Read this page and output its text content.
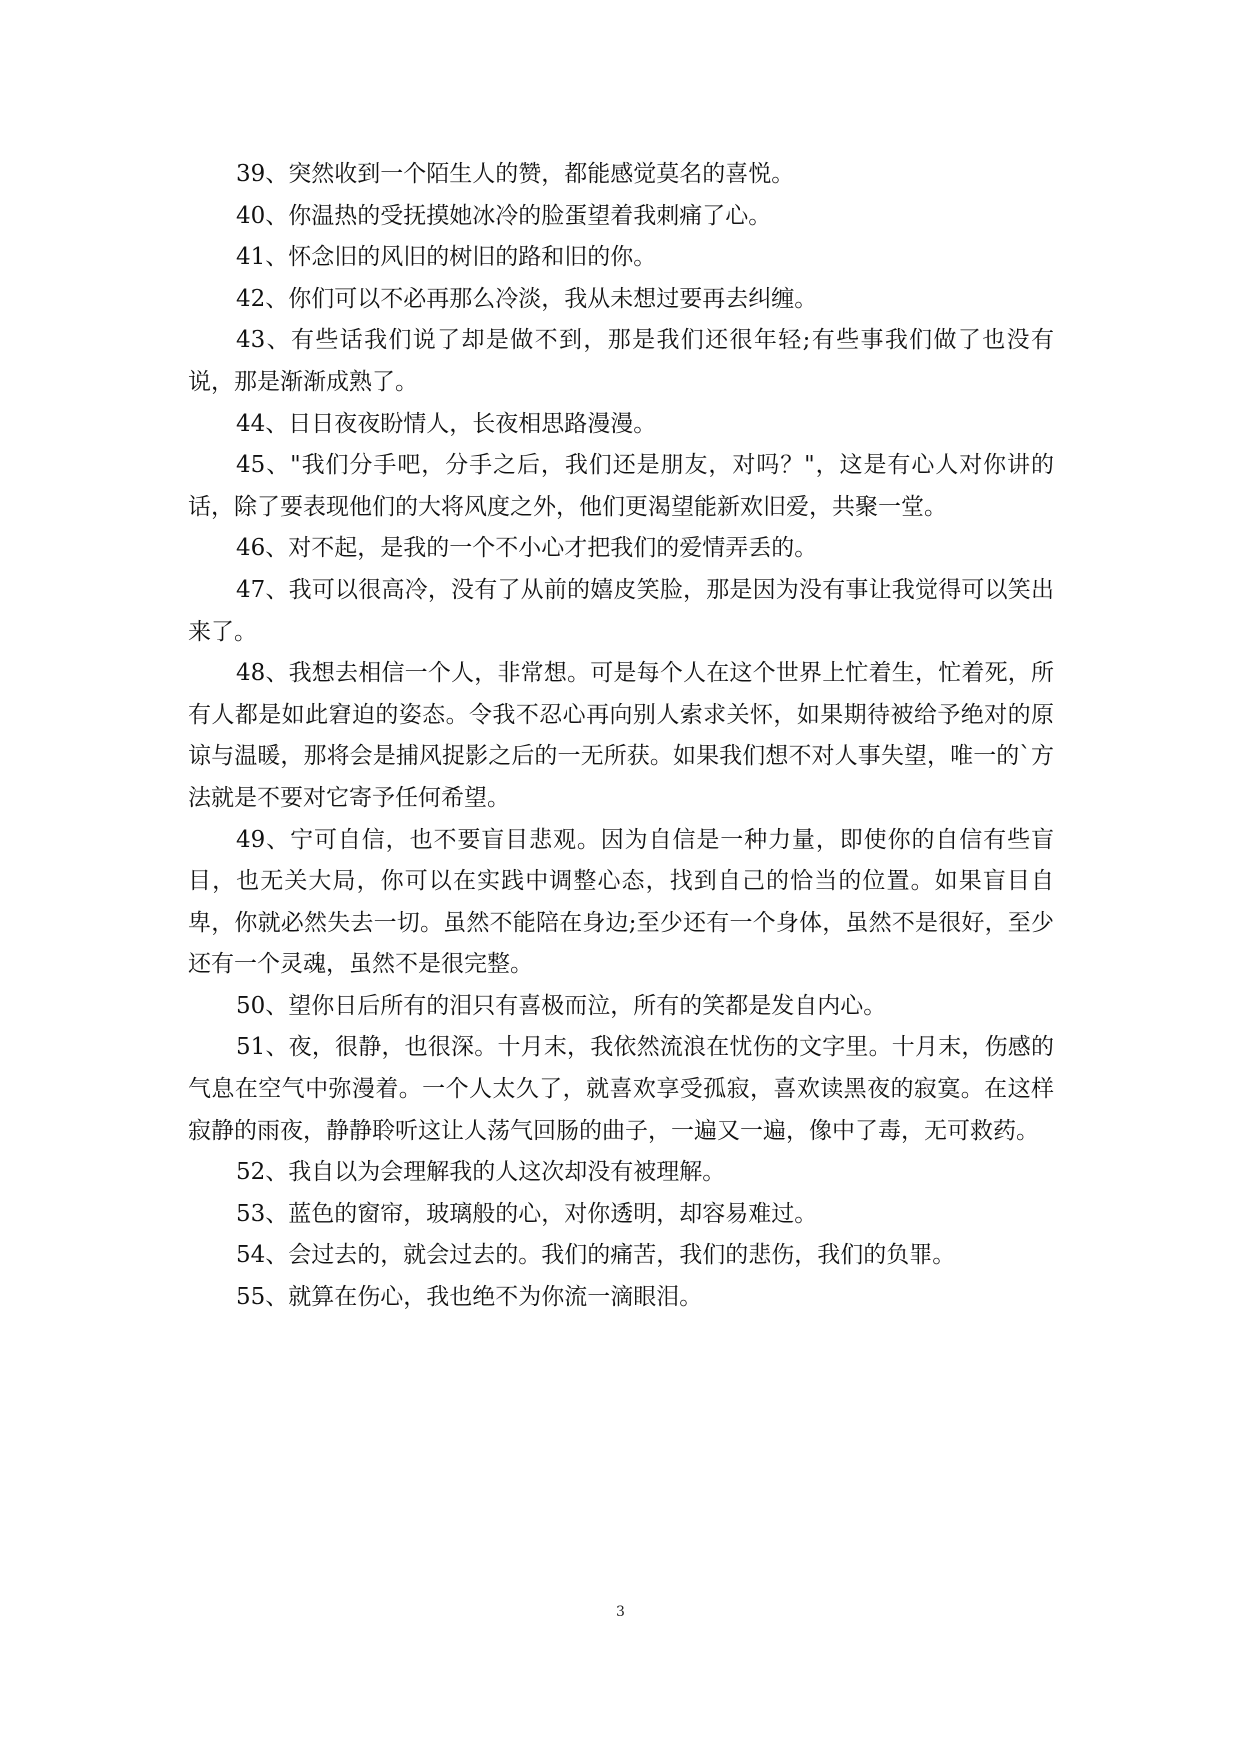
39、突然收到一个陌生人的赞，都能感觉莫名的喜悦。

40、你温热的受抚摸她冰冷的脸蛋望着我刺痛了心。

41、怀念旧的风旧的树旧的路和旧的你。

42、你们可以不必再那么冷淡，我从未想过要再去纠缠。

43、有些话我们说了却是做不到，那是我们还很年轻;有些事我们做了也没有说，那是渐渐成熟了。

44、日日夜夜盼情人，长夜相思路漫漫。

45、"我们分手吧，分手之后，我们还是朋友，对吗？"，这是有心人对你讲的话，除了要表现他们的大将风度之外，他们更渴望能新欢旧爱，共聚一堂。

46、对不起，是我的一个不小心才把我们的爱情弄丢的。

47、我可以很高冷，没有了从前的嬉皮笑脸，那是因为没有事让我觉得可以笑出来了。

48、我想去相信一个人，非常想。可是每个人在这个世界上忙着生，忙着死，所有人都是如此窘迫的姿态。令我不忍心再向别人索求关怀，如果期待被给予绝对的原谅与温暖，那将会是捕风捉影之后的一无所获。如果我们想不对人事失望，唯一的`方法就是不要对它寄予任何希望。

49、宁可自信，也不要盲目悲观。因为自信是一种力量，即使你的自信有些盲目，也无关大局，你可以在实践中调整心态，找到自己的恰当的位置。如果盲目自卑，你就必然失去一切。虽然不能陪在身边;至少还有一个身体，虽然不是很好，至少还有一个灵魂，虽然不是很完整。

50、望你日后所有的泪只有喜极而泣，所有的笑都是发自内心。

51、夜，很静，也很深。十月末，我依然流浪在忧伤的文字里。十月末，伤感的气息在空气中弥漫着。一个人太久了，就喜欢享受孤寂，喜欢读黑夜的寂寞。在这样寂静的雨夜，静静聆听这让人荡气回肠的曲子，一遍又一遍，像中了毒，无可救药。

52、我自以为会理解我的人这次却没有被理解。

53、蓝色的窗帘，玻璃般的心，对你透明，却容易难过。

54、会过去的，就会过去的。我们的痛苦，我们的悲伤，我们的负罪。

55、就算在伤心，我也绝不为你流一滴眼泪。

3
